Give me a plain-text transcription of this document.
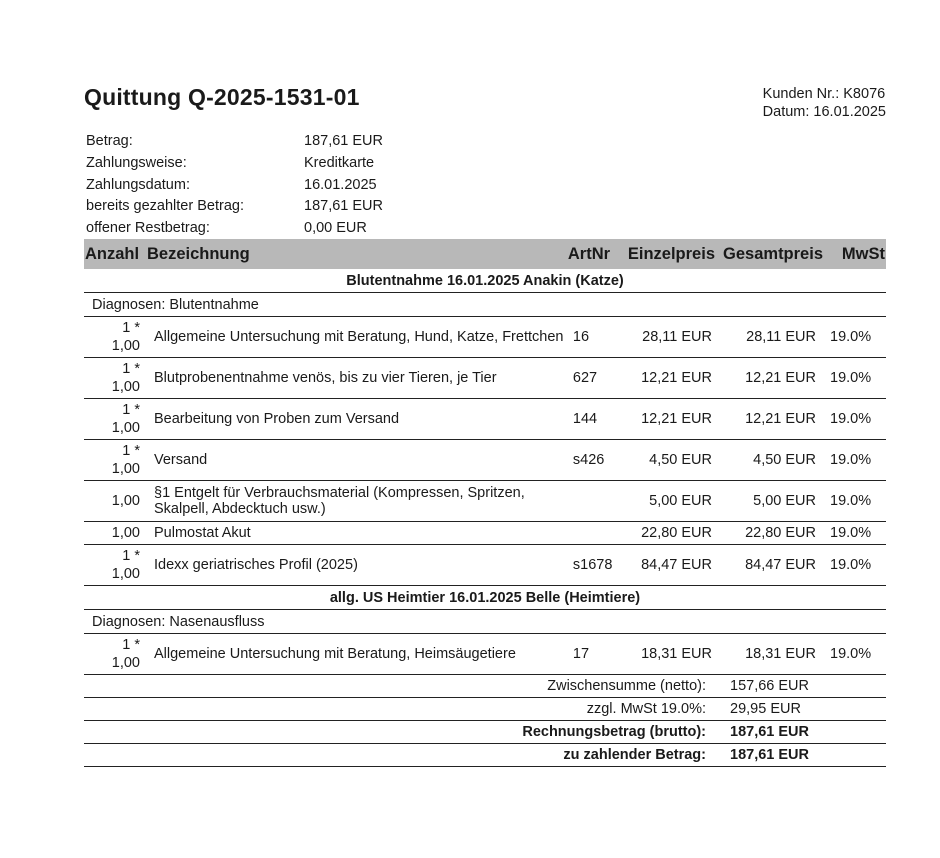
Quittung Q-2025-1531-01	Kunden Nr.: K8076
Datum: 16.01.2025
Betrag:	187,61 EUR
Zahlungsweise:	Kreditkarte
Zahlungsdatum:	16.01.2025
bereits gezahlter Betrag:	187,61 EUR
offener Restbetrag:	0,00 EUR
Anzahl	Bezeichnung	ArtNr	Einzelpreis	Gesamtpreis	MwSt
Blutentnahme 16.01.2025 Anakin (Katze)					
Diagnosen: Blutentnahme					

1 *
1,00	Allgemeine Untersuchung mit Beratung, Hund, Katze, Frettchen	16	28,11 EUR	28,11 EUR	19.0%

1 *
1,00	Blutprobenentnahme venös, bis zu vier Tieren, je Tier	627	12,21 EUR	12,21 EUR	19.0%

1 *
1,00	Bearbeitung von Proben zum Versand	144	12,21 EUR	12,21 EUR	19.0%

1 *
1,00	Versand	s426	4,50 EUR	4,50 EUR	19.0%

1,00	§1 Entgelt für Verbrauchsmaterial (Kompressen, Spritzen, Skalpell, Abdecktuch usw.)		5,00 EUR	5,00 EUR	19.0%

1,00	Pulmostat Akut		22,80 EUR	22,80 EUR	19.0%

1 *
1,00	Idexx geriatrisches Profil (2025)	s1678	84,47 EUR	84,47 EUR	19.0%
allg. US Heimtier 16.01.2025 Belle (Heimtiere)					
Diagnosen: Nasenausfluss					

1 *
1,00	Allgemeine Untersuchung mit Beratung, Heimsäugetiere	17	18,31 EUR	18,31 EUR	19.0%
Zwischensumme (netto):				157,66 EUR	
zzgl. MwSt 19.0%:				29,95 EUR	
Rechnungsbetrag (brutto):				187,61 EUR	
zu zahlender Betrag:				187,61 EUR	
